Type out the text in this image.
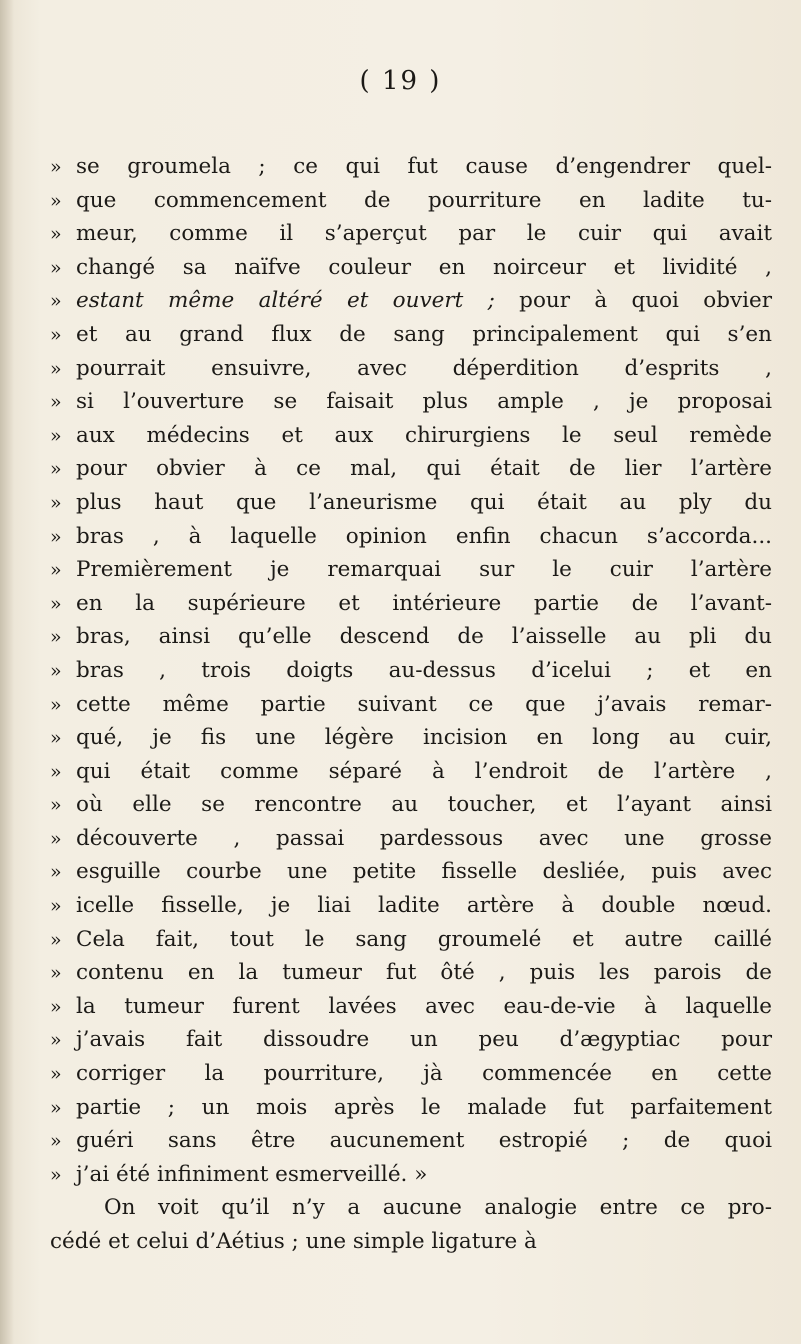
( 19 )
» se groumela ; ce qui fut cause d’engendrer quel-
» que commencement de pourriture en ladite tu-
» meur, comme il s’aperçut par le cuir qui avait
» changé sa naïfve couleur en noirceur et lividité ,
» estant même altéré et ouvert ; pour à quoi obvier
» et au grand flux de sang principalement qui s’en
» pourrait ensuivre, avec déperdition d’esprits ,
» si l’ouverture se faisait plus ample , je proposai
» aux médecins et aux chirurgiens le seul remède
» pour obvier à ce mal, qui était de lier l’artère
» plus haut que l’aneurisme qui était au ply du
» bras , à laquelle opinion enfin chacun s’accorda...
» Premièrement je remarquai sur le cuir l’artère
» en la supérieure et intérieure partie de l’avant-
» bras, ainsi qu’elle descend de l’aisselle au pli du
» bras , trois doigts au-dessus d’icelui ; et en
» cette même partie suivant ce que j’avais remar-
» qué, je fis une légère incision en long au cuir,
» qui était comme séparé à l’endroit de l’artère ,
» où elle se rencontre au toucher, et l’ayant ainsi
» découverte , passai pardessous avec une grosse
» esguille courbe une petite fisselle desliée, puis avec
» icelle fisselle, je liai ladite artère à double nœud.
» Cela fait, tout le sang groumelé et autre caillé
» contenu en la tumeur fut ôté , puis les parois de
» la tumeur furent lavées avec eau-de-vie à laquelle
» j’avais fait dissoudre un peu d’ægyptiac pour
» corriger la pourriture, jà commencée en cette
» partie ; un mois après le malade fut parfaitement
» guéri sans être aucunement estropié ; de quoi
» j’ai été infiniment esmerveillé. »
On voit qu’il n’y a aucune analogie entre ce pro-
cédé et celui d’Aétius ; une simple ligature à
